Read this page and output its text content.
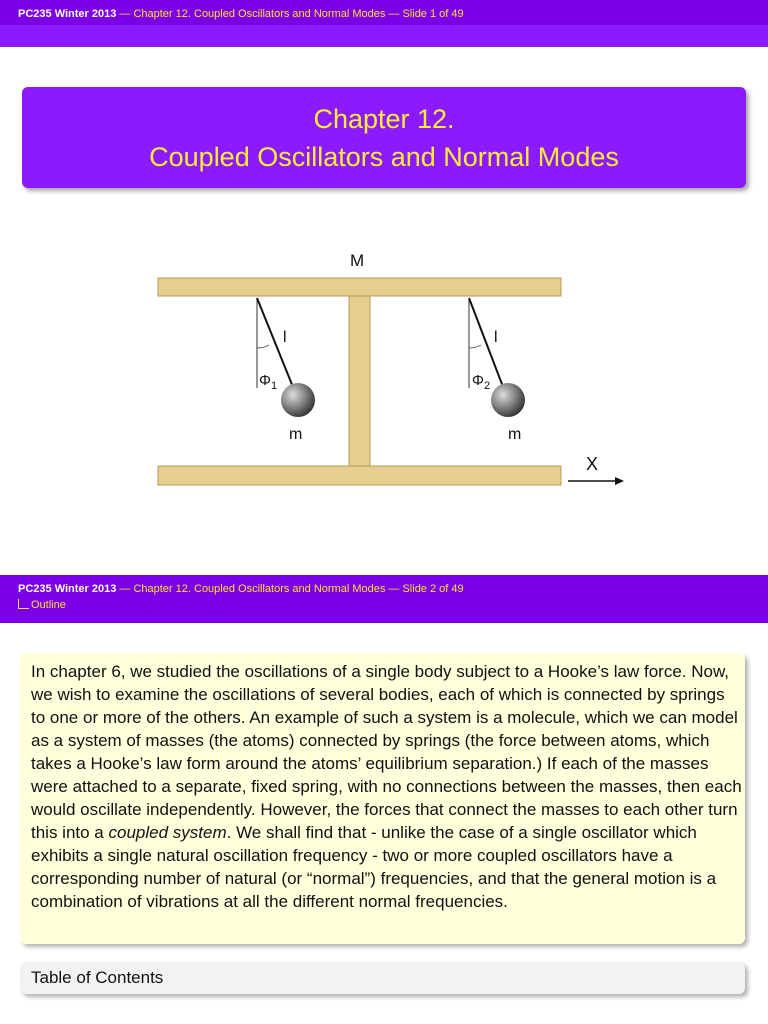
PC235 Winter 2013 — Chapter 12. Coupled Oscillators and Normal Modes — Slide 1 of 49
Chapter 12.
Coupled Oscillators and Normal Modes
M
l
$\Phi_1$
m
l
$\Phi_2$
m
X
PC235 Winter 2013 — Chapter 12. Coupled Oscillators and Normal Modes — Slide 2 of 49
Outline

In chapter 6, we studied the oscillations of a single body subject to a Hooke’s law force. Now, we wish to examine the oscillations of several bodies, each of which is connected by springs to one or more of the others. An example of such a system is a molecule, which we can model as a system of masses (the atoms) connected by springs (the force between atoms, which takes a Hooke’s law form around the atoms’ equilibrium separation.) If each of the masses were attached to a separate, fixed spring, with no connections between the masses, then each would oscillate independently. However, the forces that connect the masses to each other turn this into a coupled system. We shall find that - unlike the case of a single oscillator which exhibits a single natural oscillation frequency - two or more coupled oscillators have a corresponding number of natural (or “normal”) frequencies, and that the general motion is a combination of vibrations at all the different normal frequencies.

Table of Contents
